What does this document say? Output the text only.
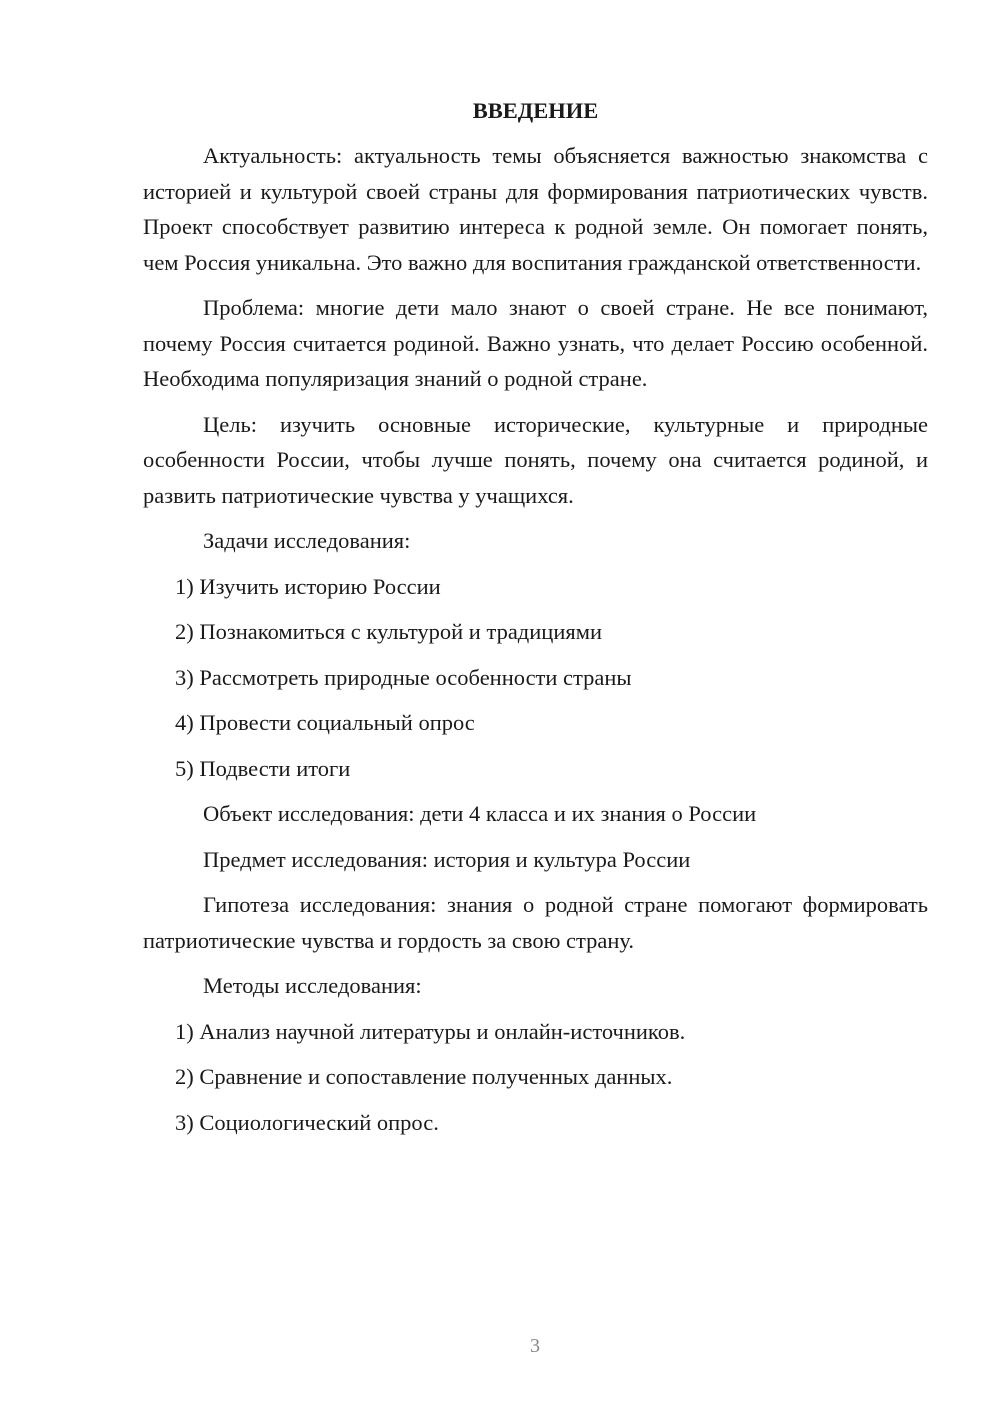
ВВЕДЕНИЕ

Актуальность: актуальность темы объясняется важностью знакомства с историей и культурой своей страны для формирования патриотических чувств. Проект способствует развитию интереса к родной земле. Он помогает понять, чем Россия уникальна. Это важно для воспитания гражданской ответственности.

Проблема: многие дети мало знают о своей стране. Не все понимают, почему Россия считается родиной. Важно узнать, что делает Россию особенной. Необходима популяризация знаний о родной стране.

Цель: изучить основные исторические, культурные и природные особенности России, чтобы лучше понять, почему она считается родиной, и развить патриотические чувства у учащихся.

Задачи исследования:

1) Изучить историю России

2) Познакомиться с культурой и традициями

3) Рассмотреть природные особенности страны

4) Провести социальный опрос

5) Подвести итоги

Объект исследования: дети 4 класса и их знания о России

Предмет исследования: история и культура России

Гипотеза исследования: знания о родной стране помогают формировать патриотические чувства и гордость за свою страну.

Методы исследования:

1) Анализ научной литературы и онлайн-источников.

2) Сравнение и сопоставление полученных данных.

3) Социологический опрос.

3
